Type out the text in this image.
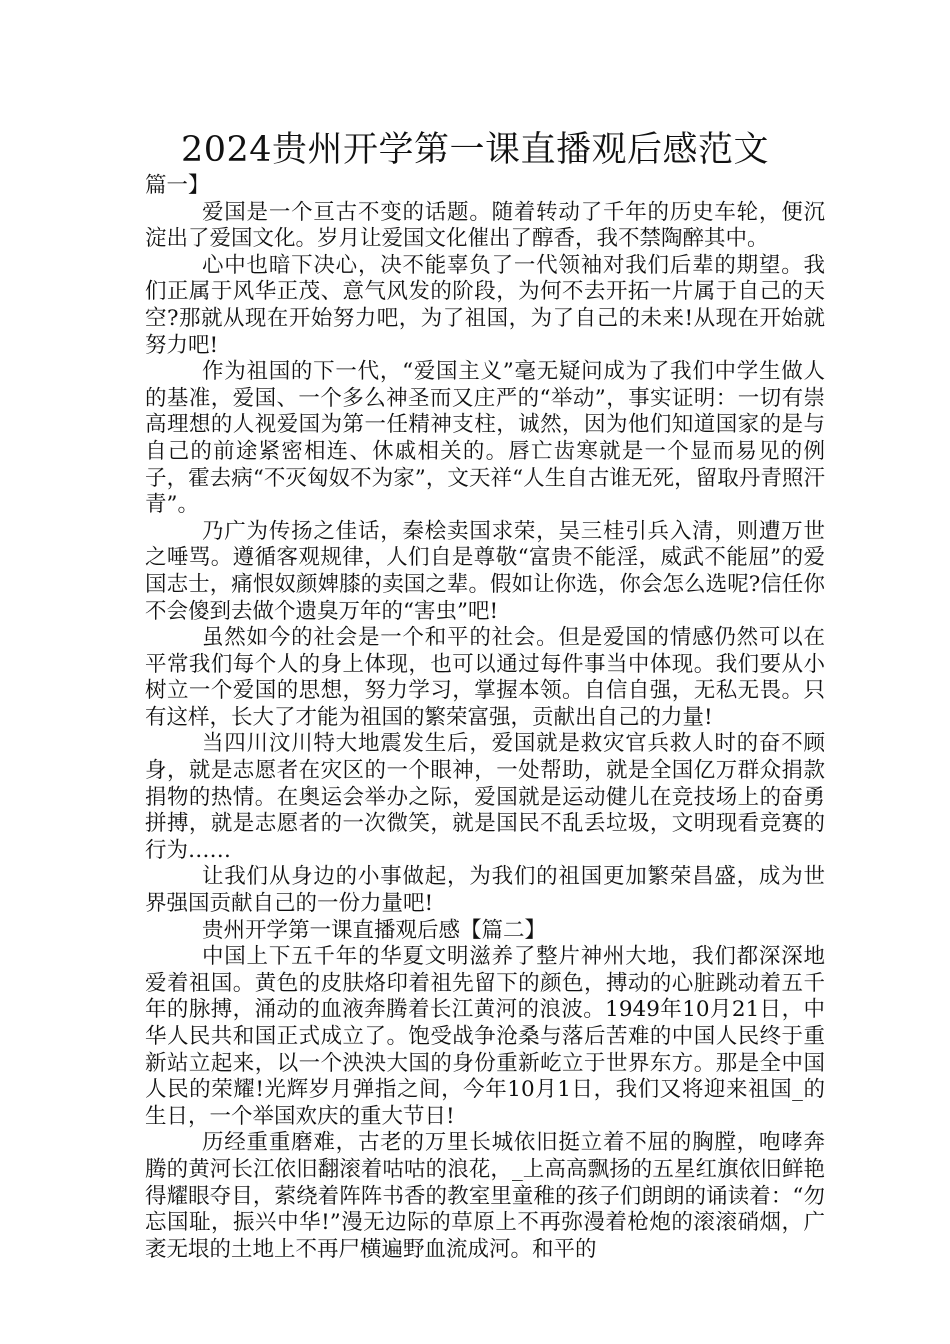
2024贵州开学第一课直播观后感范文

篇一】

爱国是一个亘古不变的话题。随着转动了千年的历史车轮，便沉淀出了爱国文化。岁月让爱国文化催出了醇香，我不禁陶醉其中。

心中也暗下决心，决不能辜负了一代领袖对我们后辈的期望。我们正属于风华正茂、意气风发的阶段，为何不去开拓一片属于自己的天空?那就从现在开始努力吧，为了祖国，为了自己的未来!从现在开始就努力吧!

作为祖国的下一代，“爱国主义”毫无疑问成为了我们中学生做人的基准，爱国、一个多么神圣而又庄严的“举动”，事实证明：一切有崇高理想的人视爱国为第一任精神支柱，诚然，因为他们知道国家的是与自己的前途紧密相连、休戚相关的。唇亡齿寒就是一个显而易见的例子，霍去病“不灭匈奴不为家”，文天祥“人生自古谁无死，留取丹青照汗青”。

乃广为传扬之佳话，秦桧卖国求荣，吴三桂引兵入清，则遭万世之唾骂。遵循客观规律，人们自是尊敬“富贵不能淫，威武不能屈”的爱国志士，痛恨奴颜婢膝的卖国之辈。假如让你选，你会怎么选呢?信任你不会傻到去做个遗臭万年的“害虫”吧!

虽然如今的社会是一个和平的社会。但是爱国的情感仍然可以在平常我们每个人的身上体现，也可以通过每件事当中体现。我们要从小树立一个爱国的思想，努力学习，掌握本领。自信自强，无私无畏。只有这样，长大了才能为祖国的繁荣富强，贡献出自己的力量!

当四川汶川特大地震发生后，爱国就是救灾官兵救人时的奋不顾身，就是志愿者在灾区的一个眼神，一处帮助，就是全国亿万群众捐款捐物的热情。在奥运会举办之际，爱国就是运动健儿在竞技场上的奋勇拼搏，就是志愿者的一次微笑，就是国民不乱丢垃圾，文明现看竞赛的行为……

让我们从身边的小事做起，为我们的祖国更加繁荣昌盛，成为世界强国贡献自己的一份力量吧!

贵州开学第一课直播观后感【篇二】

中国上下五千年的华夏文明滋养了整片神州大地，我们都深深地爱着祖国。黄色的皮肤烙印着祖先留下的颜色，搏动的心脏跳动着五千年的脉搏，涌动的血液奔腾着长江黄河的浪波。1949年10月21日，中华人民共和国正式成立了。饱受战争沧桑与落后苦难的中国人民终于重新站立起来，以一个泱泱大国的身份重新屹立于世界东方。那是全中国人民的荣耀!光辉岁月弹指之间，今年10月1日，我们又将迎来祖国_的生日，一个举国欢庆的重大节日!

历经重重磨难，古老的万里长城依旧挺立着不屈的胸膛，咆哮奔腾的黄河长江依旧翻滚着咕咕的浪花，_上高高飘扬的五星红旗依旧鲜艳得耀眼夺目，萦绕着阵阵书香的教室里童稚的孩子们朗朗的诵读着：“勿忘国耻，振兴中华!”漫无边际的草原上不再弥漫着枪炮的滚滚硝烟，广袤无垠的土地上不再尸横遍野血流成河。和平的
